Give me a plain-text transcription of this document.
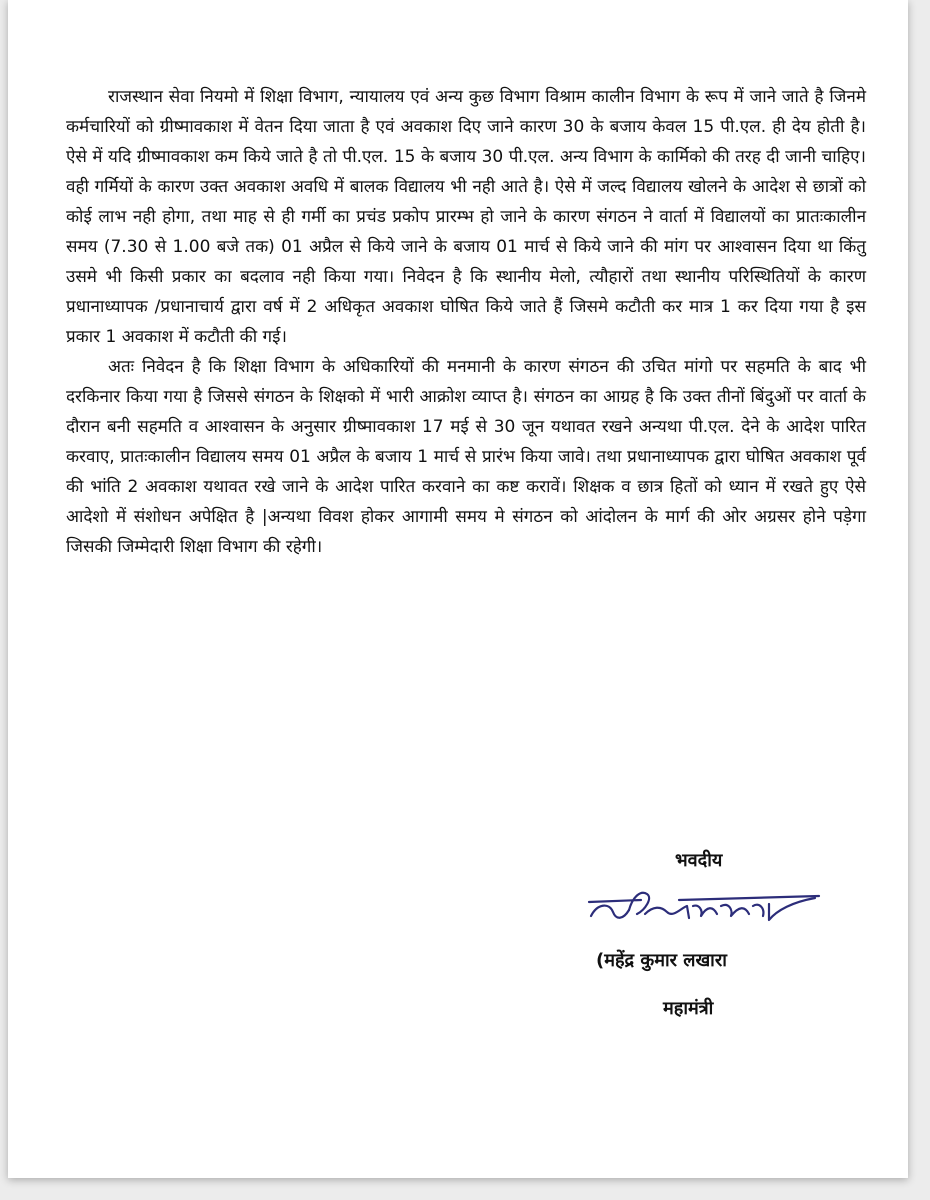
राजस्थान सेवा नियमो में शिक्षा विभाग, न्यायालय एवं अन्य कुछ विभाग विश्राम कालीन विभाग के रूप में जाने जाते है जिनमे कर्मचारियों को ग्रीष्मावकाश में वेतन दिया जाता है एवं अवकाश दिए जाने कारण 30 के बजाय केवल 15 पी.एल. ही देय होती है। ऐसे में यदि ग्रीष्मावकाश कम किये जाते है तो पी.एल. 15 के बजाय 30 पी.एल. अन्य विभाग के कार्मिको की तरह दी जानी चाहिए। वही गर्मियों के कारण उक्त अवकाश अवधि में बालक विद्यालय भी नही आते है। ऐसे में जल्द विद्यालय खोलने के आदेश से छात्रों को कोई लाभ नही होगा, तथा माह से ही गर्मी का प्रचंड प्रकोप प्रारम्भ हो जाने के कारण संगठन ने वार्ता में विद्यालयों का प्रातःकालीन समय (7.30 से 1.00 बजे तक) 01 अप्रैल से किये जाने के बजाय 01 मार्च से किये जाने की मांग पर आश्वासन दिया था किंतु उसमे भी किसी प्रकार का बदलाव नही किया गया। निवेदन है कि स्थानीय मेलो, त्यौहारों तथा स्थानीय परिस्थितियों के कारण प्रधानाध्यापक /प्रधानाचार्य द्वारा वर्ष में 2 अधिकृत अवकाश घोषित किये जाते हैं जिसमे कटौती कर मात्र 1 कर दिया गया है इस प्रकार 1 अवकाश में कटौती की गई।

अतः निवेदन है कि शिक्षा विभाग के अधिकारियों की मनमानी के कारण संगठन की उचित मांगो पर सहमति के बाद भी दरकिनार किया गया है जिससे संगठन के शिक्षको में भारी आक्रोश व्याप्त है। संगठन का आग्रह है कि उक्त तीनों बिंदुओं पर वार्ता के दौरान बनी सहमति व आश्वासन के अनुसार ग्रीष्मावकाश 17 मई से 30 जून यथावत रखने अन्यथा पी.एल. देने के आदेश पारित करवाए, प्रातःकालीन विद्यालय समय 01 अप्रैल के बजाय 1 मार्च से प्रारंभ किया जावे। तथा प्रधानाध्यापक द्वारा घोषित अवकाश पूर्व की भांति 2 अवकाश यथावत रखे जाने के आदेश पारित करवाने का कष्ट करावें। शिक्षक व छात्र हितों को ध्यान में रखते हुए ऐसे आदेशो में संशोधन अपेक्षित है |अन्यथा विवश होकर आगामी समय मे संगठन को आंदोलन के मार्ग की ओर अग्रसर होने पड़ेगा जिसकी जिम्मेदारी शिक्षा विभाग की रहेगी।

भवदीय
(महेंद्र कुमार लखारा
महामंत्री
